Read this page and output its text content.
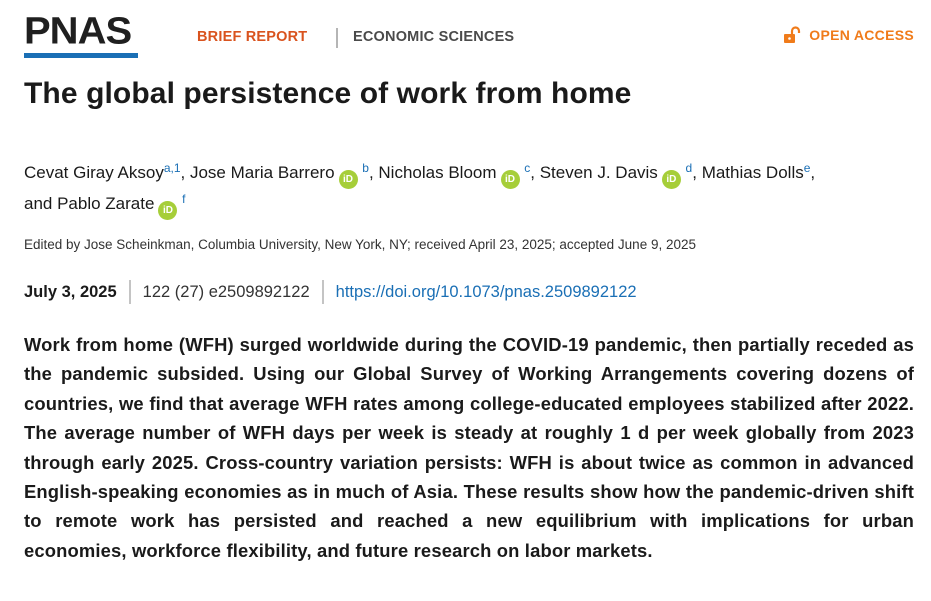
PNAS	BRIEF REPORT	ECONOMIC SCIENCES	OPEN ACCESS
The global persistence of work from home
Cevat Giray Aksoy$^{a,1}$, Jose Maria Barrero iD $^b$, Nicholas Bloom iD $^c$, Steven J. Davis iD $^d$, Mathias Dolls$^e$,
and Pablo Zarate iD $^f$
Edited by Jose Scheinkman, Columbia University, New York, NY; received April 23, 2025; accepted June 9, 2025
July 3, 2025 122 (27) e2509892122 https://doi.org/10.1073/pnas.2509892122

Work from home (WFH) surged worldwide during the COVID-19 pandemic, then partially receded as the pandemic subsided. Using our Global Survey of Working Arrangements covering dozens of countries, we find that average WFH rates among college-educated employees stabilized after 2022. The average number of WFH days per week is steady at roughly 1 d per week globally from 2023 through early 2025. Cross-country variation persists: WFH is about twice as common in advanced English-speaking economies as in much of Asia. These results show how the pandemic-driven shift to remote work has persisted and reached a new equilibrium with implications for urban economies, workforce flexibility, and future research on labor markets.
